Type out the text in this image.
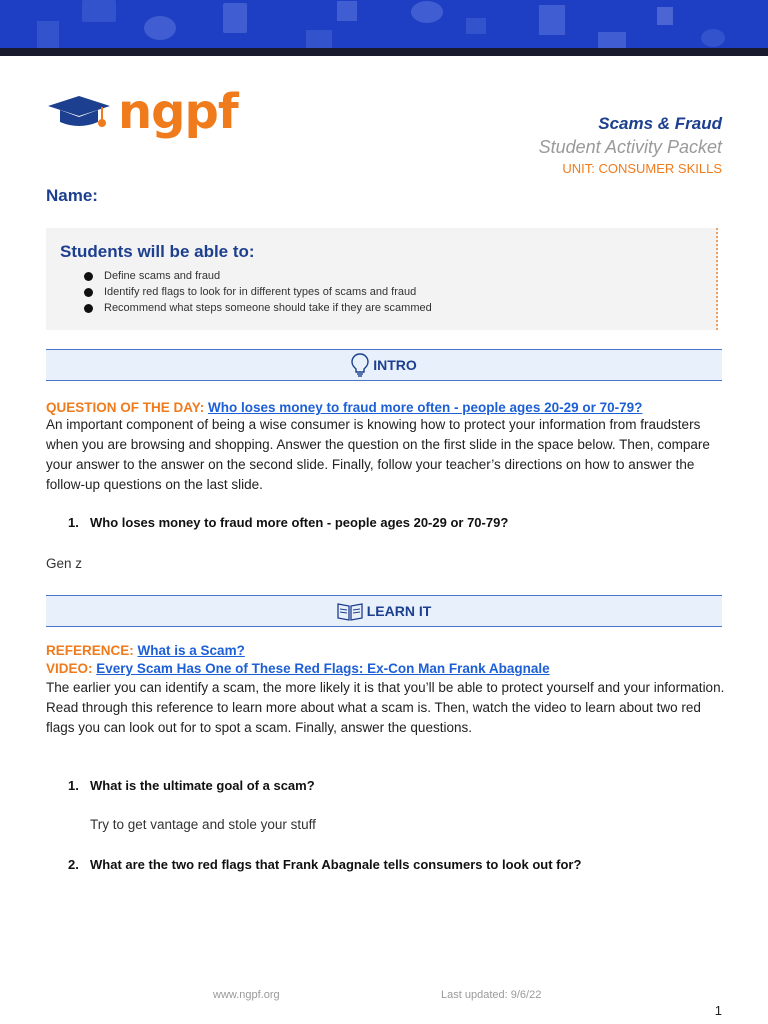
ngpf	Scams & Fraud
Student Activity Packet
UNIT: CONSUMER SKILLS
Name:
Students will be able to:
Define scams and fraud
Identify red flags to look for in different types of scams and fraud
Recommend what steps someone should take if they are scammed
INTRO
QUESTION OF THE DAY: Who loses money to fraud more often - people ages 20-29 or 70-79?
An important component of being a wise consumer is knowing how to protect your information from fraudsters when you are browsing and shopping. Answer the question on the first slide in the space below. Then, compare your answer to the answer on the second slide. Finally, follow your teacher’s directions on how to answer the follow-up questions on the last slide.
1. Who loses money to fraud more often - people ages 20-29 or 70-79?
Gen z
LEARN IT
REFERENCE: What is a Scam?
VIDEO: Every Scam Has One of These Red Flags: Ex-Con Man Frank Abagnale
The earlier you can identify a scam, the more likely it is that you’ll be able to protect yourself and your information. Read through this reference to learn more about what a scam is. Then, watch the video to learn about two red flags you can look out for to spot a scam. Finally, answer the questions.
1. What is the ultimate goal of a scam?
Try to get vantage and stole your stuff
2. What are the two red flags that Frank Abagnale tells consumers to look out for?
www.ngpf.org	Last updated: 9/6/22
1
